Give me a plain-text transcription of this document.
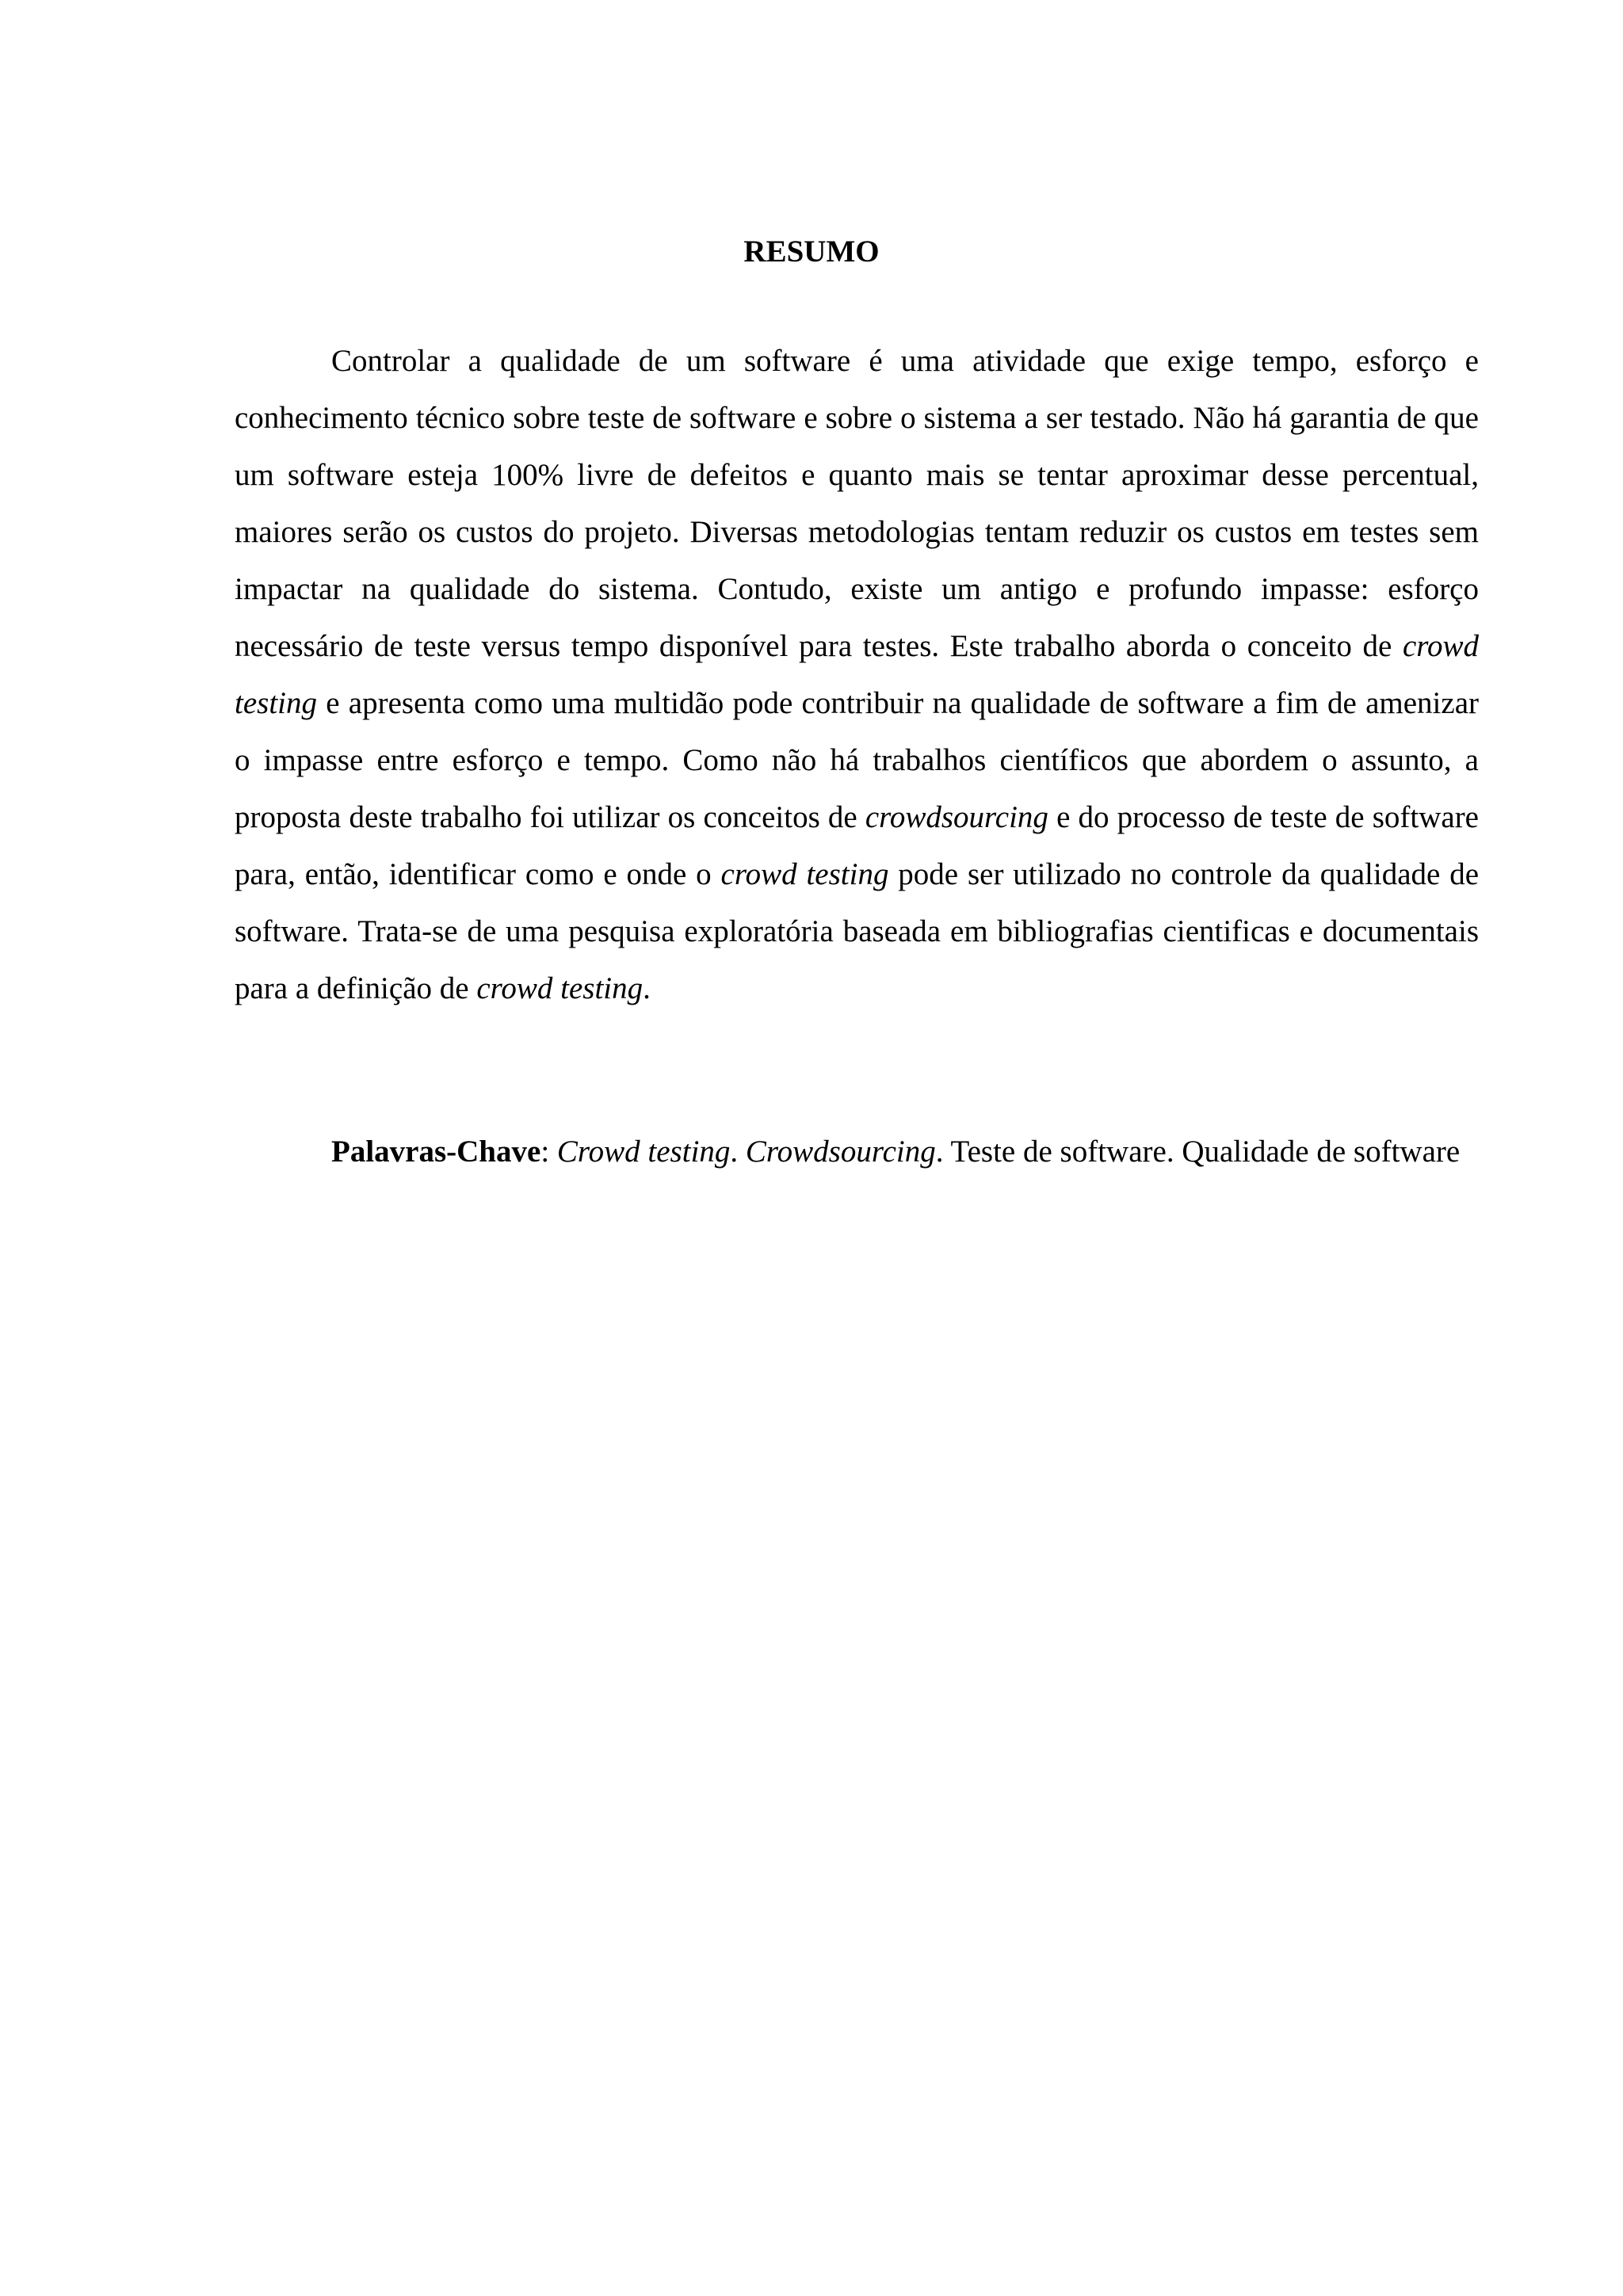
RESUMO

Controlar a qualidade de um software é uma atividade que exige tempo, esforço e conhecimento técnico sobre teste de software e sobre o sistema a ser testado. Não há garantia de que um software esteja 100% livre de defeitos e quanto mais se tentar aproximar desse percentual, maiores serão os custos do projeto. Diversas metodologias tentam reduzir os custos em testes sem impactar na qualidade do sistema. Contudo, existe um antigo e profundo impasse: esforço necessário de teste versus tempo disponível para testes. Este trabalho aborda o conceito de crowd testing e apresenta como uma multidão pode contribuir na qualidade de software a fim de amenizar o impasse entre esforço e tempo. Como não há trabalhos científicos que abordem o assunto, a proposta deste trabalho foi utilizar os conceitos de crowdsourcing e do processo de teste de software para, então, identificar como e onde o crowd testing pode ser utilizado no controle da qualidade de software. Trata-se de uma pesquisa exploratória baseada em bibliografias cientificas e documentais para a definição de crowd testing.

Palavras-Chave: Crowd testing. Crowdsourcing. Teste de software. Qualidade de software
